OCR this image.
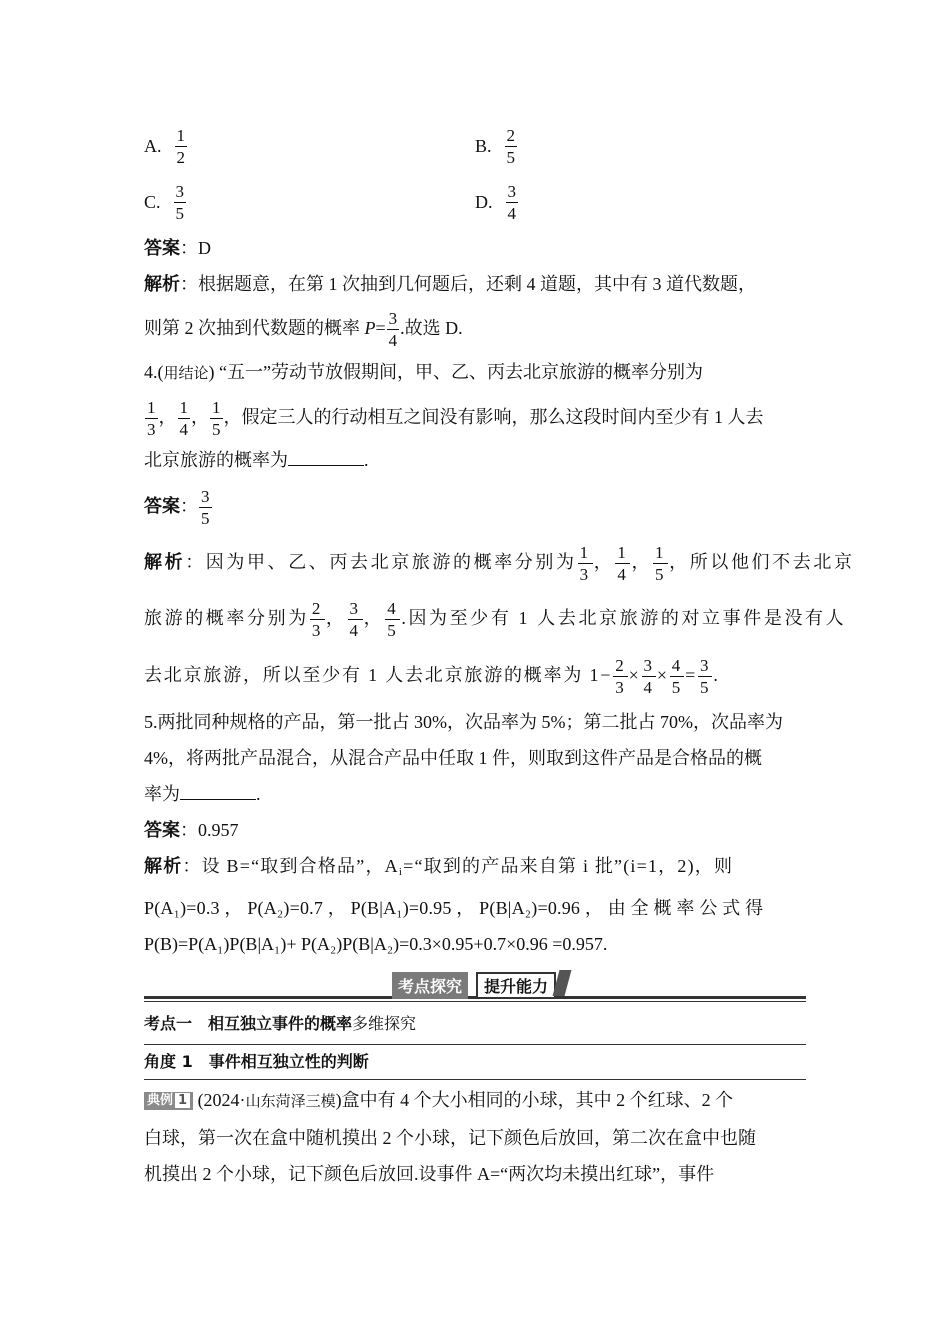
A. $\frac{1}{2}$	B. $\frac{2}{5}$
C. $\frac{3}{5}$	D. $\frac{3}{4}$
答案：D
解析：根据题意，在第 1 次抽到几何题后，还剩 4 道题，其中有 3 道代数题，
则第 2 次抽到代数题的概率 $P= \frac{3}{4}$ .故选 D.
4.(用结论) “五一”劳动节放假期间，甲、乙、丙去北京旅游的概率分别为
$\frac{1}{3}$ ， $\frac{1}{4}$ ， $\frac{1}{5}$ ，假定三人的行动相互之间没有影响，那么这段时间内至少有 1 人去
北京旅游的概率为	.
答案： $\frac{3}{5}$
解析：因为甲、乙、丙去北京旅游的概率分别为 $\frac{1}{3}$ ， $\frac{1}{4}$ ， $\frac{1}{5}$ ，所以他们不去北京
旅游的概率分别为 $\frac{2}{3}$ ， $\frac{3}{4}$ ， $\frac{4}{5}$ .因为至少有 1 人去北京旅游的对立事件是没有人
去北京旅游，所以至少有 1 人去北京旅游的概率为 $1- \frac{2}{3} \times \frac{3}{4} \times \frac{4}{5} = \frac{3}{5}$ .
5.两批同种规格的产品，第一批占 30%，次品率为 5%；第二批占 70%，次品率为
4%，将两批产品混合，从混合产品中任取 1 件，则取到这件产品是合格品的概
率为	.
答案：0.957
解析：设 B=“取到合格品”，$A_i=“$取到的产品来自第 i 批”(i=1，2)，则
P(A₁)=0.3 ， P(A₂)=0.7 ， P(B|A₁)=0.95 ， P(B|A₂)=0.96 ， 由 全 概 率 公 式 得
P(B)=P(A₁)P(B|A₁)+ P(A₂)P(B|A₂)=0.3×0.95+0.7×0.96 =0.957.
考点探究	提升能力
考点一　相互独立事件的概率多维探究
角度 1　事件相互独立性的判断
典例 1 (2024·山东菏泽三模)盒中有 4 个大小相同的小球，其中 2 个红球、2 个
白球，第一次在盒中随机摸出 2 个小球，记下颜色后放回，第二次在盒中也随
机摸出 2 个小球，记下颜色后放回.设事件 A=“两次均未摸出红球”，事件
